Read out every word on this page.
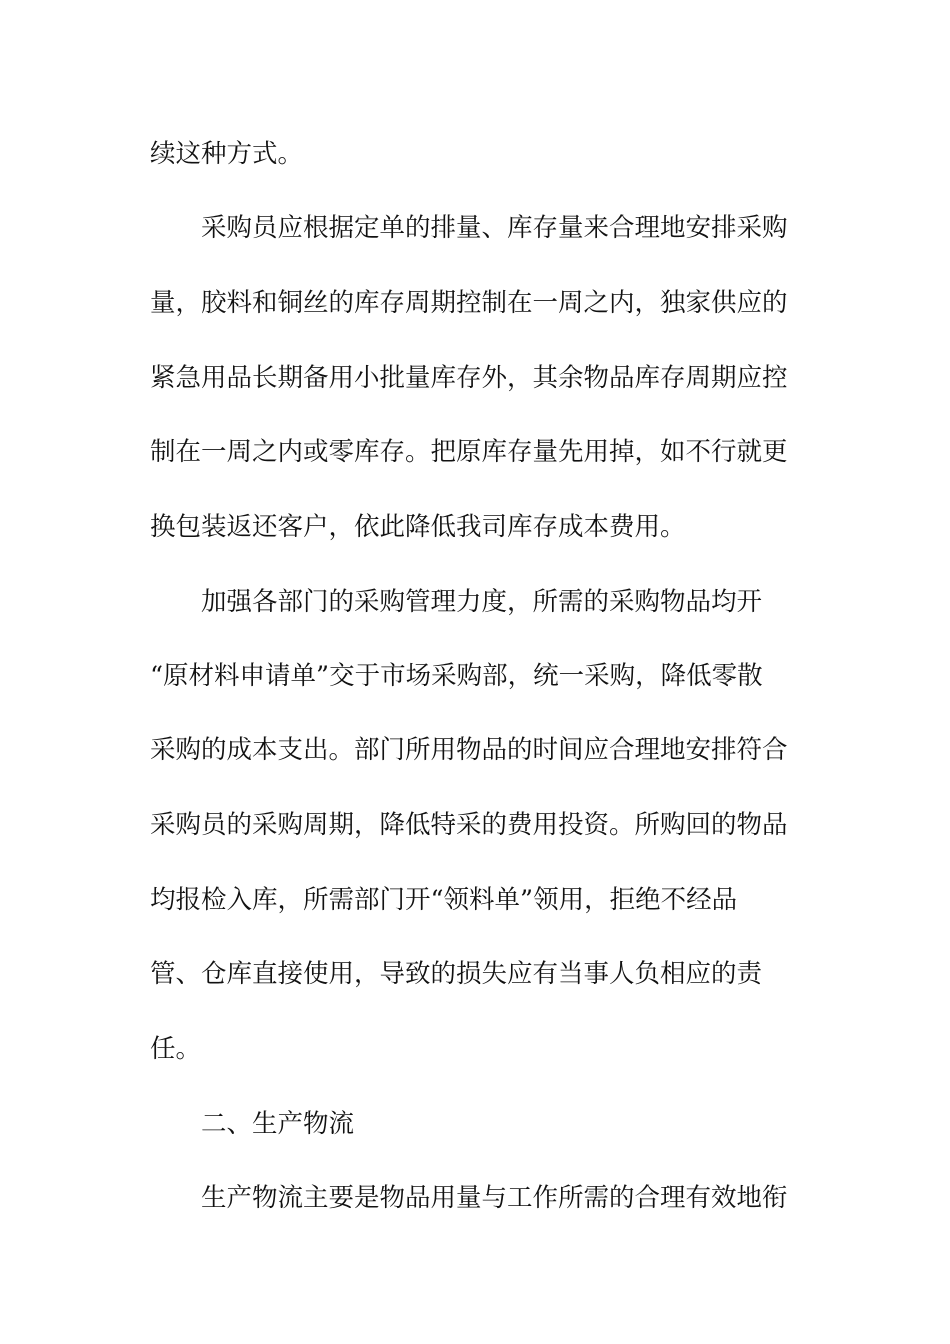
续这种方式。
采购员应根据定单的排量、库存量来合理地安排采购
量，胶料和铜丝的库存周期控制在一周之内，独家供应的
紧急用品长期备用小批量库存外，其余物品库存周期应控
制在一周之内或零库存。把原库存量先用掉，如不行就更
换包装返还客户，依此降低我司库存成本费用。
加强各部门的采购管理力度，所需的采购物品均开
“原材料申请单”交于市场采购部，统一采购，降低零散
采购的成本支出。部门所用物品的时间应合理地安排符合
采购员的采购周期，降低特采的费用投资。所购回的物品
均报检入库，所需部门开“领料单”领用，拒绝不经品
管、仓库直接使用，导致的损失应有当事人负相应的责
任。
二、生产物流
生产物流主要是物品用量与工作所需的合理有效地衔
